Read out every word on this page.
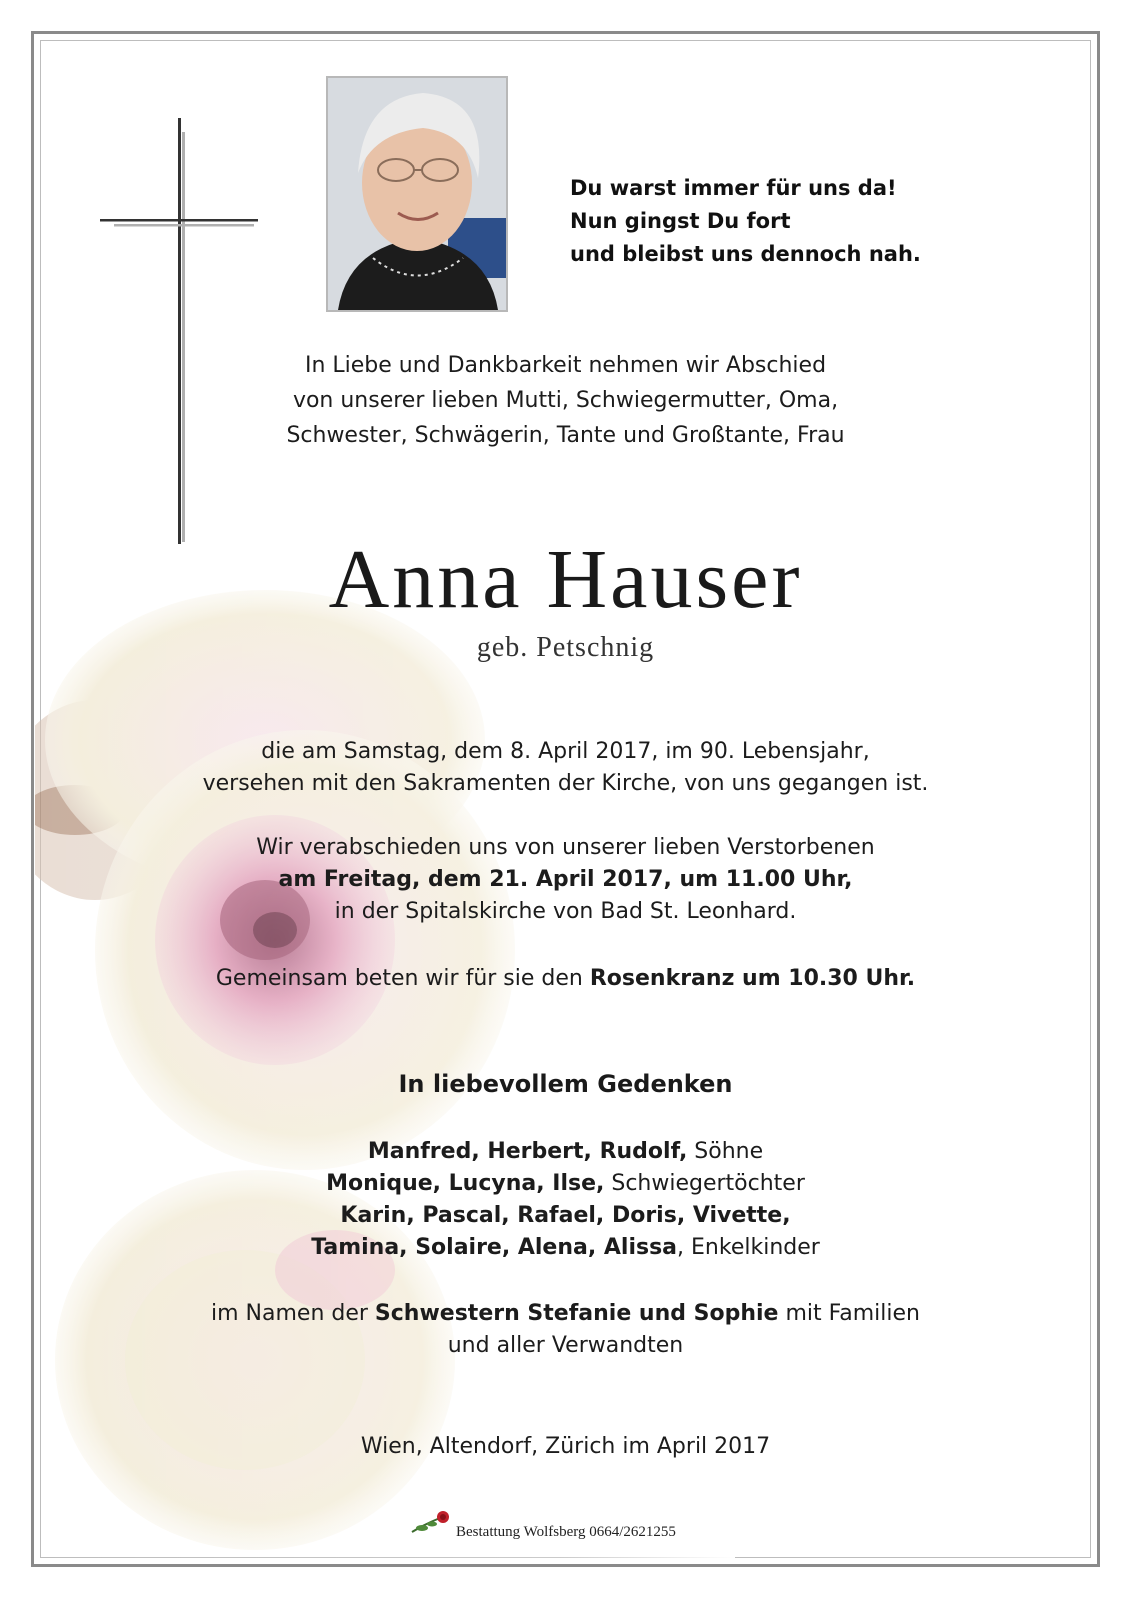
Du warst immer für uns da!
Nun gingst Du fort
und bleibst uns dennoch nah.
In Liebe und Dankbarkeit nehmen wir Abschied
von unserer lieben Mutti, Schwiegermutter, Oma,
Schwester, Schwägerin, Tante und Großtante, Frau
Anna Hauser
geb. Petschnig
die am Samstag, dem 8. April 2017, im 90. Lebensjahr,
versehen mit den Sakramenten der Kirche, von uns gegangen ist.
Wir verabschieden uns von unserer lieben Verstorbenen
am Freitag, dem 21. April 2017, um 11.00 Uhr,
in der Spitalskirche von Bad St. Leonhard.
Gemeinsam beten wir für sie den Rosenkranz um 10.30 Uhr.
In liebevollem Gedenken
Manfred, Herbert, Rudolf, Söhne
Monique, Lucyna, Ilse, Schwiegertöchter
Karin, Pascal, Rafael, Doris, Vivette,
Tamina, Solaire, Alena, Alissa, Enkelkinder
im Namen der Schwestern Stefanie und Sophie mit Familien
und aller Verwandten
Wien, Altendorf, Zürich im April 2017
Bestattung Wolfsberg 0664/2621255
